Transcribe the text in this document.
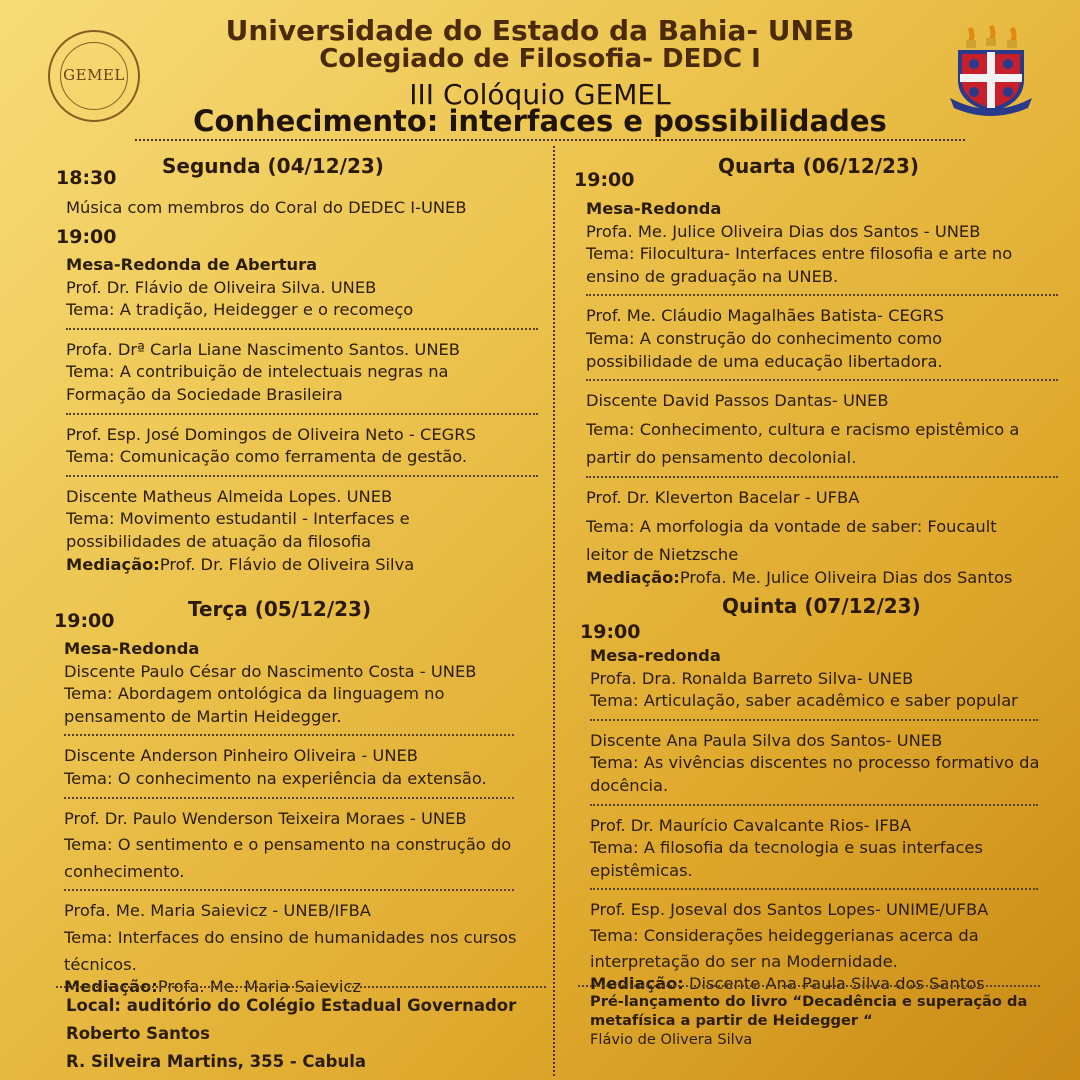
GEMEL
Universidade do Estado da Bahia- UNEB
Colegiado de Filosofia- DEDC I
III Colóquio GEMEL
Conhecimento: interfaces e possibilidades
Segunda (04/12/23)
18:30
Música com membros do Coral do DEDEC I-UNEB
19:00
Mesa-Redonda de Abertura
Prof. Dr. Flávio de Oliveira Silva. UNEB
Tema: A tradição, Heidegger e o recomeço
Profa. Drª Carla Liane Nascimento Santos. UNEB
Tema: A contribuição de intelectuais negras na
Formação da Sociedade Brasileira
Prof. Esp. José Domingos de Oliveira Neto - CEGRS
Tema: Comunicação como ferramenta de gestão.
Discente Matheus Almeida Lopes. UNEB
Tema: Movimento estudantil - Interfaces e
possibilidades de atuação da filosofia
Mediação:Prof. Dr. Flávio de Oliveira Silva
Terça (05/12/23)
19:00
Mesa-Redonda
Discente Paulo César do Nascimento Costa - UNEB
Tema: Abordagem ontológica da linguagem no
pensamento de Martin Heidegger.
Discente Anderson Pinheiro Oliveira - UNEB
Tema: O conhecimento na experiência da extensão.
Prof. Dr. Paulo Wenderson Teixeira Moraes - UNEB
Tema: O sentimento e o pensamento na construção do
conhecimento.
Profa. Me. Maria Saievicz - UNEB/IFBA
Tema: Interfaces do ensino de humanidades nos cursos
técnicos.
Mediação:Profa. Me. Maria Saievicz
Local: auditório do Colégio Estadual Governador
Roberto Santos
R. Silveira Martins, 355 - Cabula
Quarta (06/12/23)
19:00
Mesa-Redonda
Profa. Me. Julice Oliveira Dias dos Santos - UNEB
Tema: Filocultura- Interfaces entre filosofia e arte no
ensino de graduação na UNEB.
Prof. Me. Cláudio Magalhães Batista- CEGRS
Tema: A construção do conhecimento como
possibilidade de uma educação libertadora.
Discente David Passos Dantas- UNEB
Tema: Conhecimento, cultura e racismo epistêmico a
partir do pensamento decolonial.
Prof. Dr. Kleverton Bacelar - UFBA
Tema: A morfologia da vontade de saber: Foucault
leitor de Nietzsche
Mediação:Profa. Me. Julice Oliveira Dias dos Santos
Quinta (07/12/23)
19:00
Mesa-redonda
Profa. Dra. Ronalda Barreto Silva- UNEB
Tema: Articulação, saber acadêmico e saber popular
Discente Ana Paula Silva dos Santos- UNEB
Tema: As vivências discentes no processo formativo da
docência.
Prof. Dr. Maurício Cavalcante Rios- IFBA
Tema: A filosofia da tecnologia e suas interfaces
epistêmicas.
Prof. Esp. Joseval dos Santos Lopes- UNIME/UFBA
Tema: Considerações heideggerianas acerca da
interpretação do ser na Modernidade.
Mediação: Discente Ana Paula Silva dos Santos
Pré-lançamento do livro “Decadência e superação da
metafísica a partir de Heidegger “
Flávio de Olivera Silva
